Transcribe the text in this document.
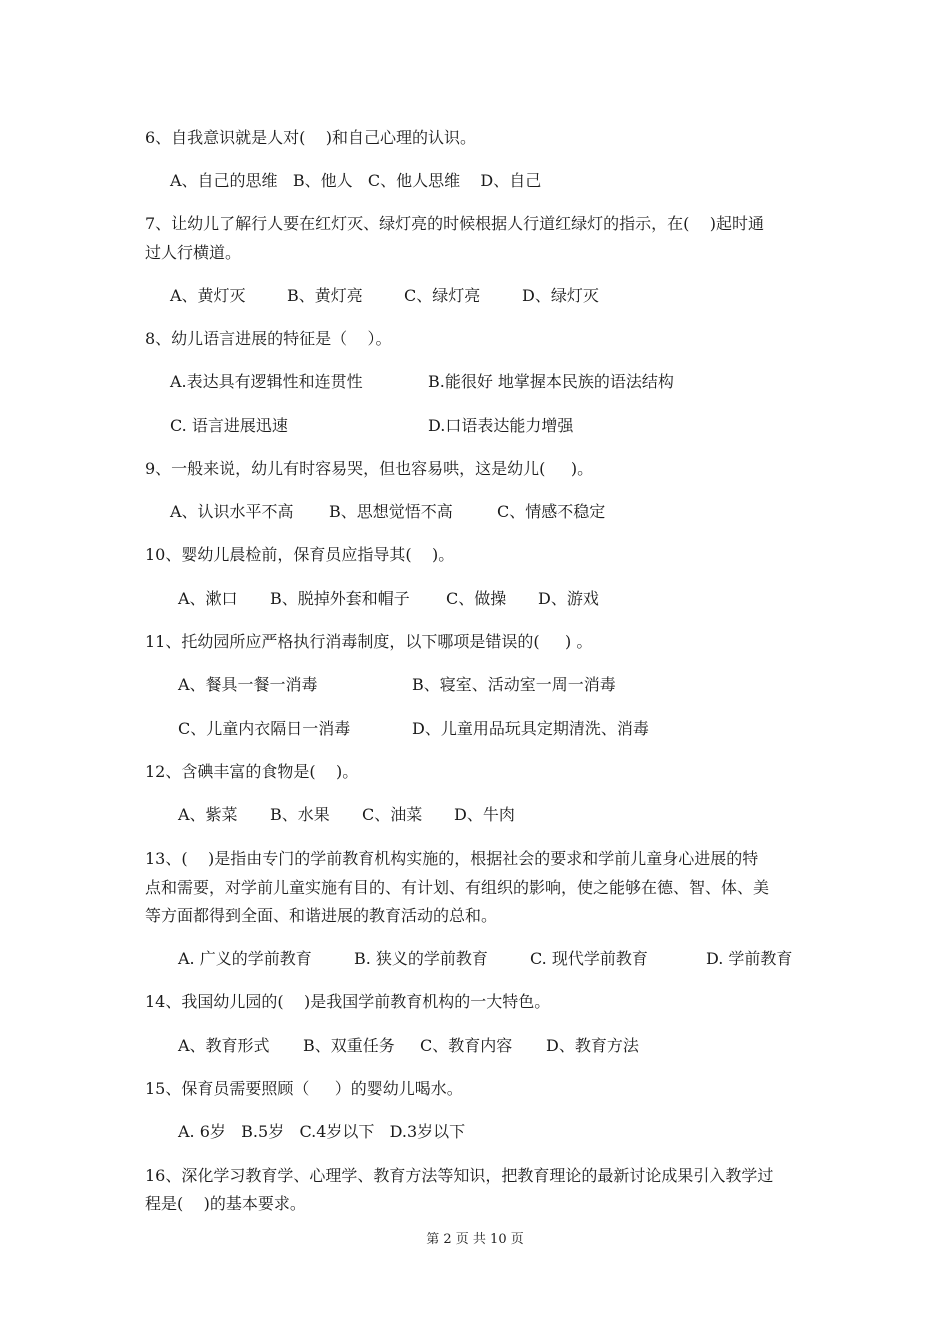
6、自我意识就是人对(    )和自己心理的认识。
A、自己的思维   B、他人   C、他人思维    D、自己
7、让幼儿了解行人要在红灯灭、绿灯亮的时候根据人行道红绿灯的指示，在(    )起时通
过人行横道。
A、黄灯灭	B、黄灯亮	C、绿灯亮	D、绿灯灭
8、幼儿语言进展的特征是（    ）。
A.表达具有逻辑性和连贯性	B.能很好 地掌握本民族的语法结构
C. 语言进展迅速	D.口语表达能力增强
9、一般来说，幼儿有时容易哭，但也容易哄，这是幼儿(     )。
A、认识水平不高 B、思想觉悟不高	C、情感不稳定
10、婴幼儿晨检前，保育员应指导其(    )。
A、漱口 B、脱掉外套和帽子 C、做操 D、游戏
11、托幼园所应严格执行消毒制度，以下哪项是错误的(     ) 。
A、餐具一餐一消毒	B、寝室、活动室一周一消毒
C、儿童内衣隔日一消毒	D、儿童用品玩具定期清洗、消毒
12、含碘丰富的食物是(    )。
A、紫菜 B、水果 C、油菜 D、牛肉
13、(    )是指由专门的学前教育机构实施的，根据社会的要求和学前儿童身心进展的特
点和需要，对学前儿童实施有目的、有计划、有组织的影响，使之能够在德、智、体、美
等方面都得到全面、和谐进展的教育活动的总和。
A. 广义的学前教育	B. 狭义的学前教育	C. 现代学前教育	D. 学前教育
14、我国幼儿园的(    )是我国学前教育机构的一大特色。
A、教育形式 B、双重任务 C、教育内容 D、教育方法
15、保育员需要照顾（     ）的婴幼儿喝水。
A. 6岁   B.5岁   C.4岁以下   D.3岁以下
16、深化学习教育学、心理学、教育方法等知识，把教育理论的最新讨论成果引入教学过
程是(    )的基本要求。
第 2 页 共 10 页
